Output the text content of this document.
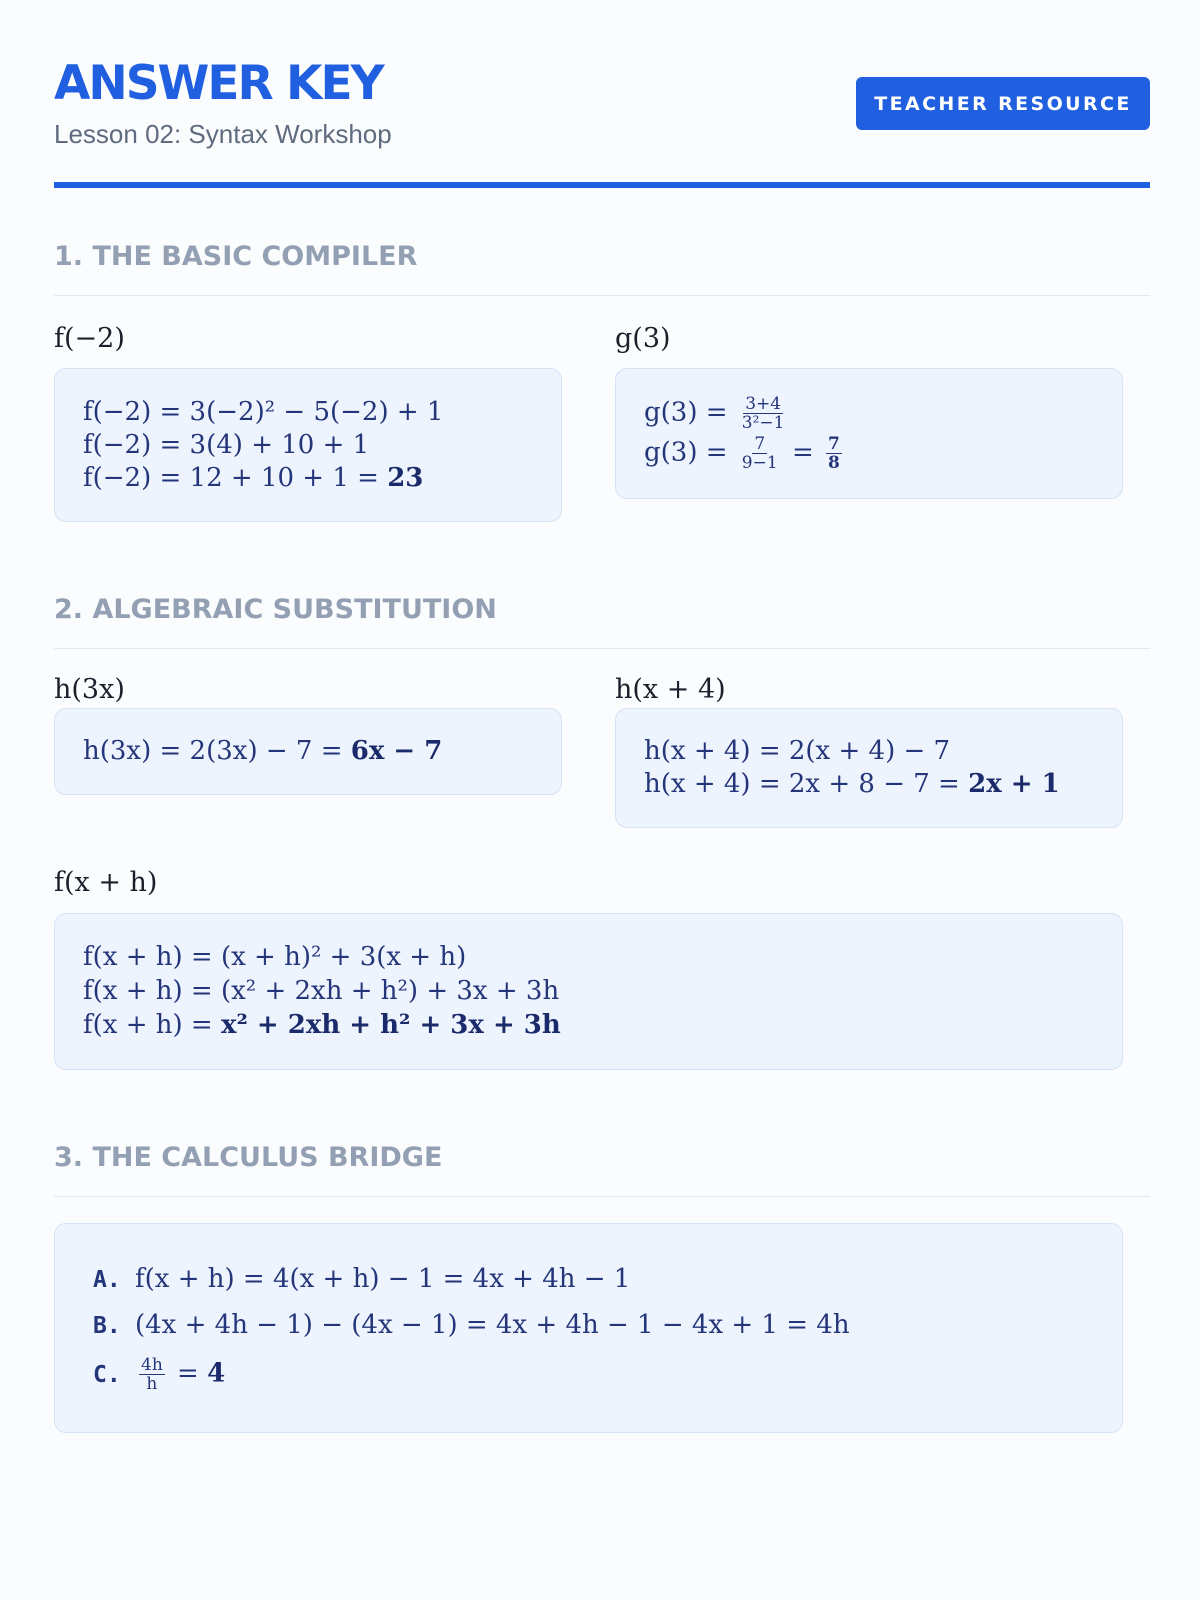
ANSWER KEY
Lesson 02: Syntax Workshop
TEACHER RESOURCE
1. THE BASIC COMPILER
f(−2)
f(−2) = 3(−2)² − 5(−2) + 1
f(−2) = 3(4) + 10 + 1
f(−2) = 12 + 10 + 1 = 23
g(3)
$g(3) = \frac{3+4}{\text{3²−1}}$
$g(3) = \frac{7}{9-1} = \frac{7}{8}$
2. ALGEBRAIC SUBSTITUTION
h(3x)
h(3x) = 2(3x) − 7 = 6x − 7
h(x + 4)
h(x + 4) = 2(x + 4) − 7
h(x + 4) = 2x + 8 − 7 = 2x + 1
f(x + h)
f(x + h) = (x + h)² + 3(x + h)
f(x + h) = (x² + 2xh + h²) + 3x + 3h
f(x + h) = x² + 2xh + h² + 3x + 3h
3. THE CALCULUS BRIDGE
A. f(x + h) = 4(x + h) − 1 = 4x + 4h − 1
B. (4x + 4h − 1) − (4x − 1) = 4x + 4h − 1 − 4x + 1 = 4h
C. $\frac{4h}{h} = 4$
